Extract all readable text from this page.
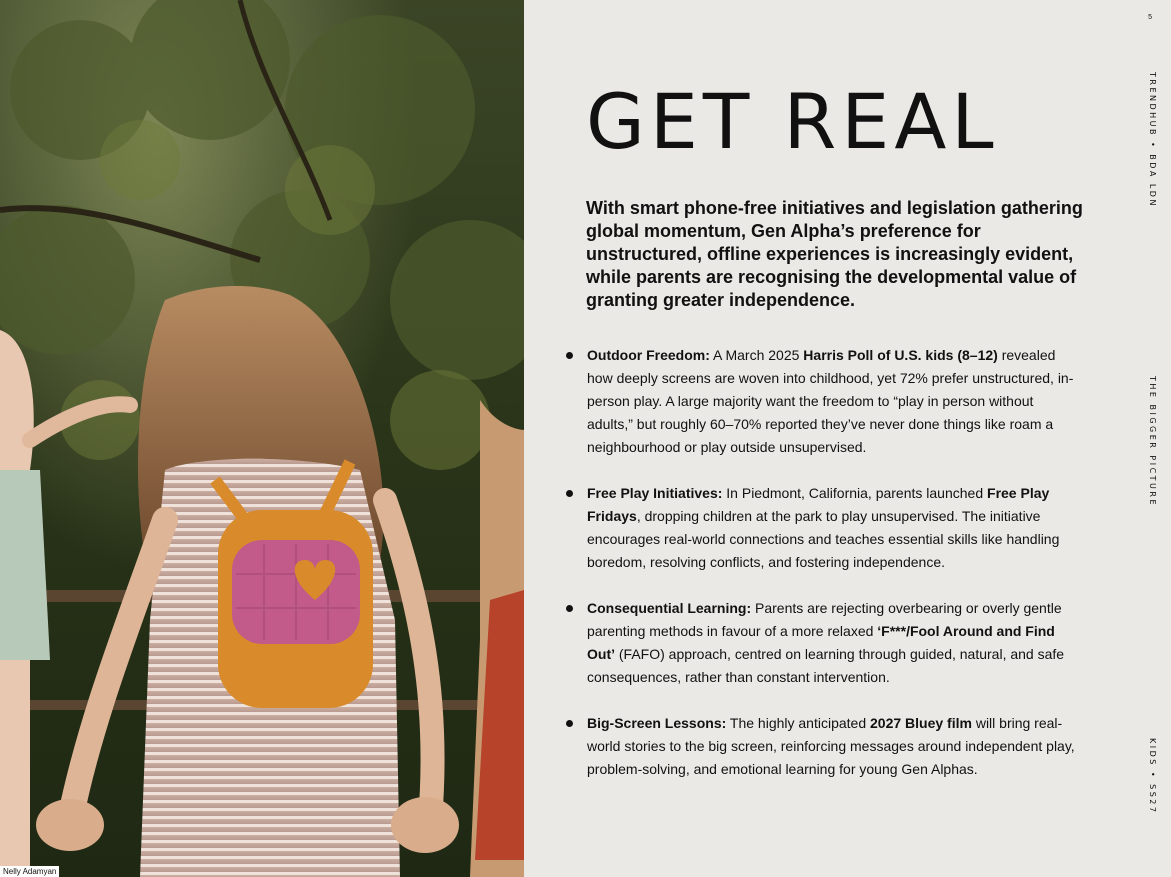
Nelly Adamyan
5
TRENDHUB • BDA LDN
THE BIGGER PICTURE
KIDS • SS27
GET REAL

With smart phone-free initiatives and legislation gathering global momentum, Gen Alpha’s preference for unstructured, offline experiences is increasingly evident, while parents are recognising the developmental value of granting greater independence.

Outdoor Freedom: A March 2025 Harris Poll of U.S. kids (8–12) revealed how deeply screens are woven into childhood, yet 72% prefer unstructured, in-person play. A large majority want the freedom to “play in person without adults,” but roughly 60–70% reported they’ve never done things like roam a neighbourhood or play outside unsupervised.
Free Play Initiatives: In Piedmont, California, parents launched Free Play Fridays, dropping children at the park to play unsupervised. The initiative encourages real-world connections and teaches essential skills like handling boredom, resolving conflicts, and fostering independence.
Consequential Learning: Parents are rejecting overbearing or overly gentle parenting methods in favour of a more relaxed ‘F***/Fool Around and Find Out’ (FAFO) approach, centred on learning through guided, natural, and safe consequences, rather than constant intervention.
Big-Screen Lessons: The highly anticipated 2027 Bluey film will bring real-world stories to the big screen, reinforcing messages around independent play, problem-solving, and emotional learning for young Gen Alphas.
